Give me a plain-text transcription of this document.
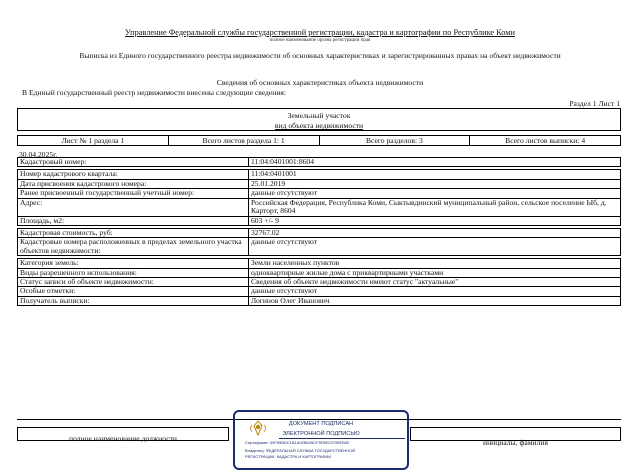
Управление Федеральной службы государственной регистрации, кадастра и картографии по Республике Коми
полное наименование органа регистрации прав
Выписка из Единого государственного реестра недвижимости об основных характеристиках и зарегистрированных правах на объект недвижимости
Сведения об основных характеристиках объекта недвижимости
В Единый государственный реестр недвижимости внесены следующие сведения:
Раздел 1 Лист 1
Земельный участок
вид объекта недвижимости
Лист № 1 раздела 1	Всего листов раздела 1: 1	Всего разделов: 3	Всего листов выписки: 4
30.04.2025г.
Кадастровый номер:	11:04:0401001:8604

Номер кадастрового квартала:	11:04:0401001
Дата присвоения кадастрового номера:	25.01.2019
Ранее присвоенный государственный учетный номер:	данные отсутствуют
Адрес:	Российская Федерация, Республика Коми, Сыктывдинский муниципальный район, сельское поселение Ыб, д. Карторт, 8604
Площадь, м2:	603 +/- 9

Кадастровая стоимость, руб:	32767.02
Кадастровые номера расположенных в пределах земельного участка объектов недвижимости:	данные отсутствуют

Категория земель:	Земли населенных пунктов
Виды разрешенного использования:	одноквартирные жилые дома с приквартирными участками
Статус записи об объекте недвижимости:	Сведения об объекте недвижимости имеют статус "актуальные"
Особые отметки:	данные отсутствуют
Получатель выписки:	Логинов Олег Иванович
полное наименование должности	инициалы, фамилия
ДОКУМЕНТ ПОДПИСАН
ЭЛЕКТРОННОЙ ПОДПИСЬЮ
Сертификат: 00F89BDC1B1A02B649CF5F8E2370BFB50
Владелец: ФЕДЕРАЛЬНАЯ СЛУЖБА ГОСУДАРСТВЕННОЙ
РЕГИСТРАЦИИ, КАДАСТРА И КАРТОГРАФИИ
